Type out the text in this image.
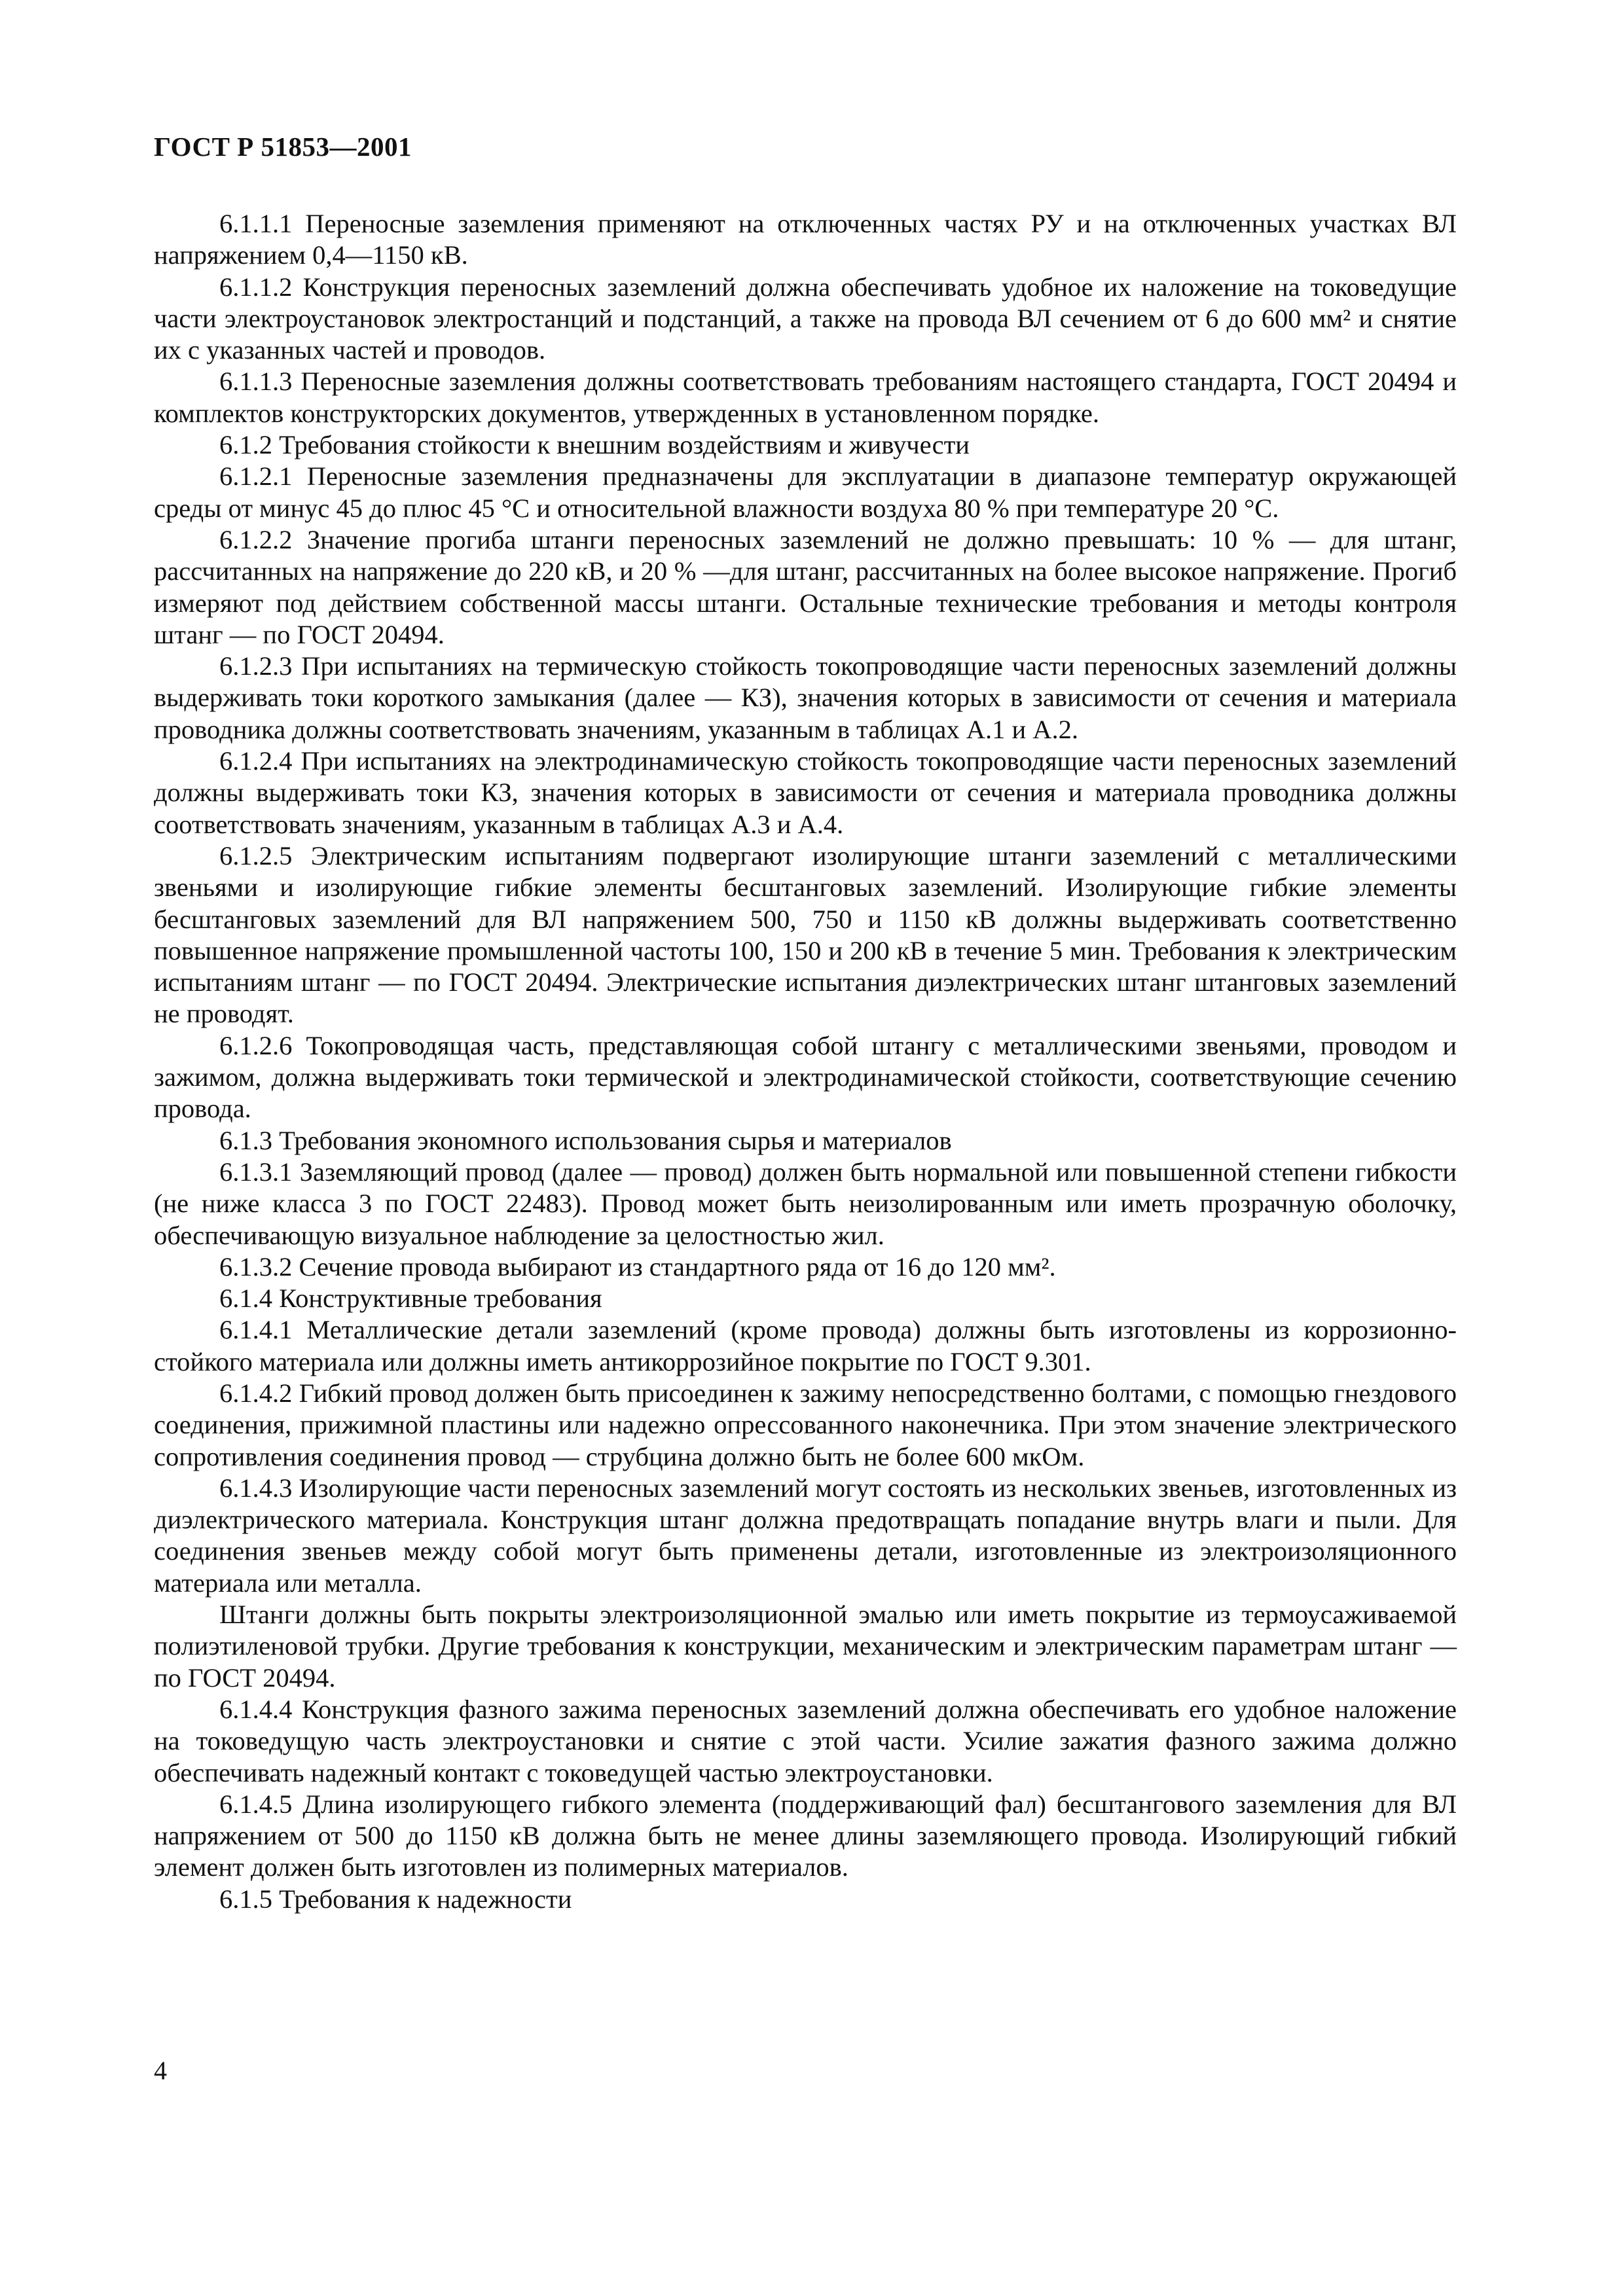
ГОСТ Р 51853—2001

6.1.1.1 Переносные заземления применяют на отключенных частях РУ и на отключенных участках ВЛ напряжением 0,4—1150 кВ.

6.1.1.2 Конструкция переносных заземлений должна обеспечивать удобное их наложение на токоведущие части электроустановок электростанций и подстанций, а также на провода ВЛ сечением от 6 до 600 мм² и снятие их с указанных частей и проводов.

6.1.1.3 Переносные заземления должны соответствовать требованиям настоящего стандарта, ГОСТ 20494 и комплектов конструкторских документов, утвержденных в установленном порядке.

6.1.2 Требования стойкости к внешним воздействиям и живучести

6.1.2.1 Переносные заземления предназначены для эксплуатации в диапазоне температур окружающей среды от минус 45 до плюс 45 °С и относительной влажности воздуха 80 % при температуре 20 °С.

6.1.2.2 Значение прогиба штанги переносных заземлений не должно превышать: 10 % — для штанг, рассчитанных на напряжение до 220 кВ, и 20 % —для штанг, рассчитанных на более высокое напряжение. Прогиб измеряют под действием собственной массы штанги. Остальные технические требования и методы контроля штанг — по ГОСТ 20494.

6.1.2.3 При испытаниях на термическую стойкость токопроводящие части переносных заземлений должны выдерживать токи короткого замыкания (далее — КЗ), значения которых в зависимости от сечения и материала проводника должны соответствовать значениям, указанным в таблицах А.1 и А.2.

6.1.2.4 При испытаниях на электродинамическую стойкость токопроводящие части переносных заземлений должны выдерживать токи КЗ, значения которых в зависимости от сечения и материала проводника должны соответствовать значениям, указанным в таблицах А.3 и А.4.

6.1.2.5 Электрическим испытаниям подвергают изолирующие штанги заземлений с металлическими звеньями и изолирующие гибкие элементы бесштанговых заземлений. Изолирующие гибкие элементы бесштанговых заземлений для ВЛ напряжением 500, 750 и 1150 кВ должны выдерживать соответственно повышенное напряжение промышленной частоты 100, 150 и 200 кВ в течение 5 мин. Требования к электрическим испытаниям штанг — по ГОСТ 20494. Электрические испытания диэлектрических штанг штанговых заземлений не проводят.

6.1.2.6 Токопроводящая часть, представляющая собой штангу с металлическими звеньями, проводом и зажимом, должна выдерживать токи термической и электродинамической стойкости, соответствующие сечению провода.

6.1.3 Требования экономного использования сырья и материалов

6.1.3.1 Заземляющий провод (далее — провод) должен быть нормальной или повышенной степени гибкости (не ниже класса 3 по ГОСТ 22483). Провод может быть неизолированным или иметь прозрачную оболочку, обеспечивающую визуальное наблюдение за целостностью жил.

6.1.3.2 Сечение провода выбирают из стандартного ряда от 16 до 120 мм².

6.1.4 Конструктивные требования

6.1.4.1 Металлические детали заземлений (кроме провода) должны быть изготовлены из коррозионно-стойкого материала или должны иметь антикоррозийное покрытие по ГОСТ 9.301.

6.1.4.2 Гибкий провод должен быть присоединен к зажиму непосредственно болтами, с помощью гнездового соединения, прижимной пластины или надежно опрессованного наконечника. При этом значение электрического сопротивления соединения провод — струбцина должно быть не более 600 мкОм.

6.1.4.3 Изолирующие части переносных заземлений могут состоять из нескольких звеньев, изготовленных из диэлектрического материала. Конструкция штанг должна предотвращать попадание внутрь влаги и пыли. Для соединения звеньев между собой могут быть применены детали, изготовленные из электроизоляционного материала или металла.

Штанги должны быть покрыты электроизоляционной эмалью или иметь покрытие из термоусаживаемой полиэтиленовой трубки. Другие требования к конструкции, механическим и электрическим параметрам штанг — по ГОСТ 20494.

6.1.4.4 Конструкция фазного зажима переносных заземлений должна обеспечивать его удобное наложение на токоведущую часть электроустановки и снятие с этой части. Усилие зажатия фазного зажима должно обеспечивать надежный контакт с токоведущей частью электроустановки.

6.1.4.5 Длина изолирующего гибкого элемента (поддерживающий фал) бесштангового заземления для ВЛ напряжением от 500 до 1150 кВ должна быть не менее длины заземляющего провода. Изолирующий гибкий элемент должен быть изготовлен из полимерных материалов.

6.1.5 Требования к надежности

4
